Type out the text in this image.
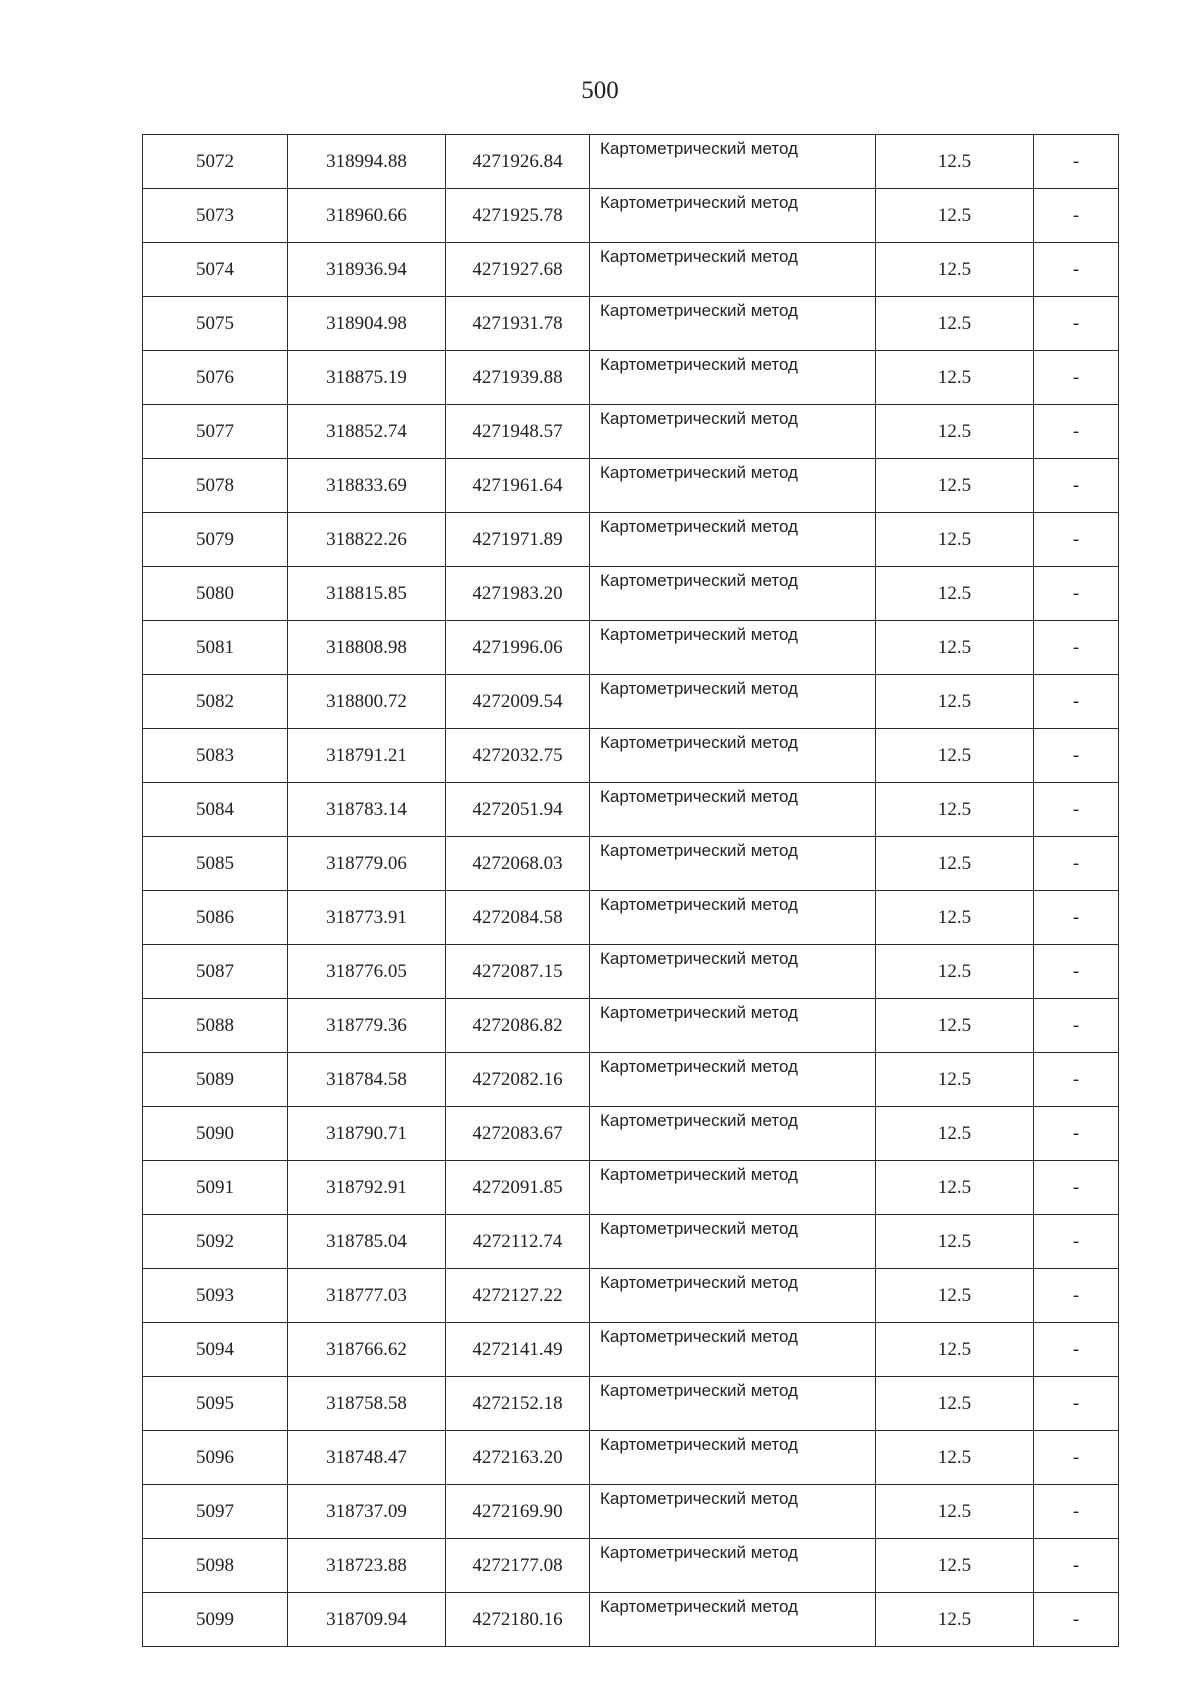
500
5072	318994.88	4271926.84	Картометрический метод	12.5	-
5073	318960.66	4271925.78	Картометрический метод	12.5	-
5074	318936.94	4271927.68	Картометрический метод	12.5	-
5075	318904.98	4271931.78	Картометрический метод	12.5	-
5076	318875.19	4271939.88	Картометрический метод	12.5	-
5077	318852.74	4271948.57	Картометрический метод	12.5	-
5078	318833.69	4271961.64	Картометрический метод	12.5	-
5079	318822.26	4271971.89	Картометрический метод	12.5	-
5080	318815.85	4271983.20	Картометрический метод	12.5	-
5081	318808.98	4271996.06	Картометрический метод	12.5	-
5082	318800.72	4272009.54	Картометрический метод	12.5	-
5083	318791.21	4272032.75	Картометрический метод	12.5	-
5084	318783.14	4272051.94	Картометрический метод	12.5	-
5085	318779.06	4272068.03	Картометрический метод	12.5	-
5086	318773.91	4272084.58	Картометрический метод	12.5	-
5087	318776.05	4272087.15	Картометрический метод	12.5	-
5088	318779.36	4272086.82	Картометрический метод	12.5	-
5089	318784.58	4272082.16	Картометрический метод	12.5	-
5090	318790.71	4272083.67	Картометрический метод	12.5	-
5091	318792.91	4272091.85	Картометрический метод	12.5	-
5092	318785.04	4272112.74	Картометрический метод	12.5	-
5093	318777.03	4272127.22	Картометрический метод	12.5	-
5094	318766.62	4272141.49	Картометрический метод	12.5	-
5095	318758.58	4272152.18	Картометрический метод	12.5	-
5096	318748.47	4272163.20	Картометрический метод	12.5	-
5097	318737.09	4272169.90	Картометрический метод	12.5	-
5098	318723.88	4272177.08	Картометрический метод	12.5	-
5099	318709.94	4272180.16	Картометрический метод	12.5	-
